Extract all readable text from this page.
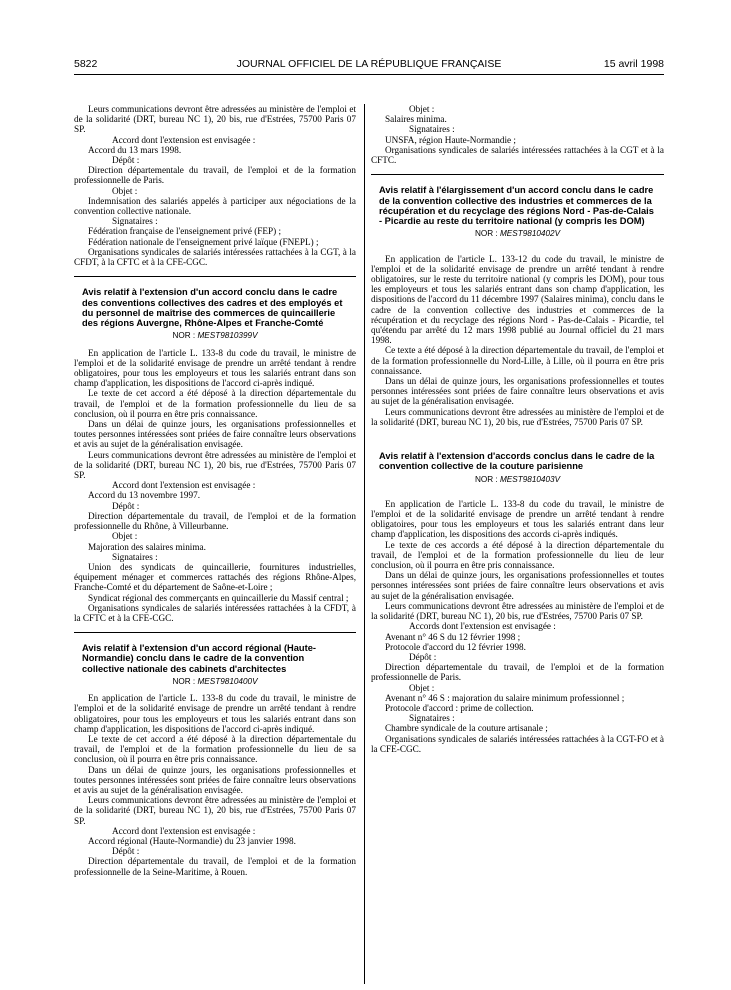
5822	JOURNAL OFFICIEL DE LA RÉPUBLIQUE FRANÇAISE	15 avril 1998

Leurs communications devront être adressées au ministère de l'emploi et de la solidarité (DRT, bureau NC 1), 20 bis, rue d'Estrées, 75700 Paris 07 SP.

Accord dont l'extension est envisagée :

Accord du 13 mars 1998.

Dépôt :

Direction départementale du travail, de l'emploi et de la formation professionnelle de Paris.

Objet :

Indemnisation des salariés appelés à participer aux négociations de la convention collective nationale.

Signataires :

Fédération française de l'enseignement privé (FEP) ;

Fédération nationale de l'enseignement privé laïque (FNEPL) ;

Organisations syndicales de salariés intéressées rattachées à la CGT, à la CFDT, à la CFTC et à la CFE-CGC.

Avis relatif à l'extension d'un accord conclu dans le cadre des conventions collectives des cadres et des employés et du personnel de maîtrise des commerces de quincaillerie des régions Auvergne, Rhône-Alpes et Franche-Comté

NOR : MEST9810399V

En application de l'article L. 133-8 du code du travail, le ministre de l'emploi et de la solidarité envisage de prendre un arrêté tendant à rendre obligatoires, pour tous les employeurs et tous les salariés entrant dans son champ d'application, les dispositions de l'accord ci-après indiqué.

Le texte de cet accord a été déposé à la direction départementale du travail, de l'emploi et de la formation professionnelle du lieu de sa conclusion, où il pourra en être pris connaissance.

Dans un délai de quinze jours, les organisations professionnelles et toutes personnes intéressées sont priées de faire connaître leurs observations et avis au sujet de la généralisation envisagée.

Leurs communications devront être adressées au ministère de l'emploi et de la solidarité (DRT, bureau NC 1), 20 bis, rue d'Estrées, 75700 Paris 07 SP.

Accord dont l'extension est envisagée :

Accord du 13 novembre 1997.

Dépôt :

Direction départementale du travail, de l'emploi et de la formation professionnelle du Rhône, à Villeurbanne.

Objet :

Majoration des salaires minima.

Signataires :

Union des syndicats de quincaillerie, fournitures industrielles, équipement ménager et commerces rattachés des régions Rhône-Alpes, Franche-Comté et du département de Saône-et-Loire ;

Syndicat régional des commerçants en quincaillerie du Massif central ;

Organisations syndicales de salariés intéressées rattachées à la CFDT, à la CFTC et à la CFE-CGC.

Avis relatif à l'extension d'un accord régional (Haute-Normandie) conclu dans le cadre de la convention collective nationale des cabinets d'architectes

NOR : MEST9810400V

En application de l'article L. 133-8 du code du travail, le ministre de l'emploi et de la solidarité envisage de prendre un arrêté tendant à rendre obligatoires, pour tous les employeurs et tous les salariés entrant dans son champ d'application, les dispositions de l'accord ci-après indiqué.

Le texte de cet accord a été déposé à la direction départementale du travail, de l'emploi et de la formation professionnelle du lieu de sa conclusion, où il pourra en être pris connaissance.

Dans un délai de quinze jours, les organisations professionnelles et toutes personnes intéressées sont priées de faire connaître leurs observations et avis au sujet de la généralisation envisagée.

Leurs communications devront être adressées au ministère de l'emploi et de la solidarité (DRT, bureau NC 1), 20 bis, rue d'Estrées, 75700 Paris 07 SP.

Accord dont l'extension est envisagée :

Accord régional (Haute-Normandie) du 23 janvier 1998.

Dépôt :

Direction départementale du travail, de l'emploi et de la formation professionnelle de la Seine-Maritime, à Rouen.

Objet :

Salaires minima.

Signataires :

UNSFA, région Haute-Normandie ;

Organisations syndicales de salariés intéressées rattachées à la CGT et à la CFTC.

Avis relatif à l'élargissement d'un accord conclu dans le cadre de la convention collective des industries et commerces de la récupération et du recyclage des régions Nord - Pas-de-Calais - Picardie au reste du territoire national (y compris les DOM)

NOR : MEST9810402V

En application de l'article L. 133-12 du code du travail, le ministre de l'emploi et de la solidarité envisage de prendre un arrêté tendant à rendre obligatoires, sur le reste du territoire national (y compris les DOM), pour tous les employeurs et tous les salariés entrant dans son champ d'application, les dispositions de l'accord du 11 décembre 1997 (Salaires minima), conclu dans le cadre de la convention collective des industries et commerces de la récupération et du recyclage des régions Nord - Pas-de-Calais - Picardie, tel qu'étendu par arrêté du 12 mars 1998 publié au Journal officiel du 21 mars 1998.

Ce texte a été déposé à la direction départementale du travail, de l'emploi et de la formation professionnelle du Nord-Lille, à Lille, où il pourra en être pris connaissance.

Dans un délai de quinze jours, les organisations professionnelles et toutes personnes intéressées sont priées de faire connaître leurs observations et avis au sujet de la généralisation envisagée.

Leurs communications devront être adressées au ministère de l'emploi et de la solidarité (DRT, bureau NC 1), 20 bis, rue d'Estrées, 75700 Paris 07 SP.

Avis relatif à l'extension d'accords conclus dans le cadre de la convention collective de la couture parisienne

NOR : MEST9810403V

En application de l'article L. 133-8 du code du travail, le ministre de l'emploi et de la solidarité envisage de prendre un arrêté tendant à rendre obligatoires, pour tous les employeurs et tous les salariés entrant dans leur champ d'application, les dispositions des accords ci-après indiqués.

Le texte de ces accords a été déposé à la direction départementale du travail, de l'emploi et de la formation professionnelle du lieu de leur conclusion, où il pourra en être pris connaissance.

Dans un délai de quinze jours, les organisations professionnelles et toutes personnes intéressées sont priées de faire connaître leurs observations et avis au sujet de la généralisation envisagée.

Leurs communications devront être adressées au ministère de l'emploi et de la solidarité (DRT, bureau NC 1), 20 bis, rue d'Estrées, 75700 Paris 07 SP.

Accords dont l'extension est envisagée :

Avenant n° 46 S du 12 février 1998 ;

Protocole d'accord du 12 février 1998.

Dépôt :

Direction départementale du travail, de l'emploi et de la formation professionnelle de Paris.

Objet :

Avenant n° 46 S : majoration du salaire minimum professionnel ;

Protocole d'accord : prime de collection.

Signataires :

Chambre syndicale de la couture artisanale ;

Organisations syndicales de salariés intéressées rattachées à la CGT-FO et à la CFE-CGC.
